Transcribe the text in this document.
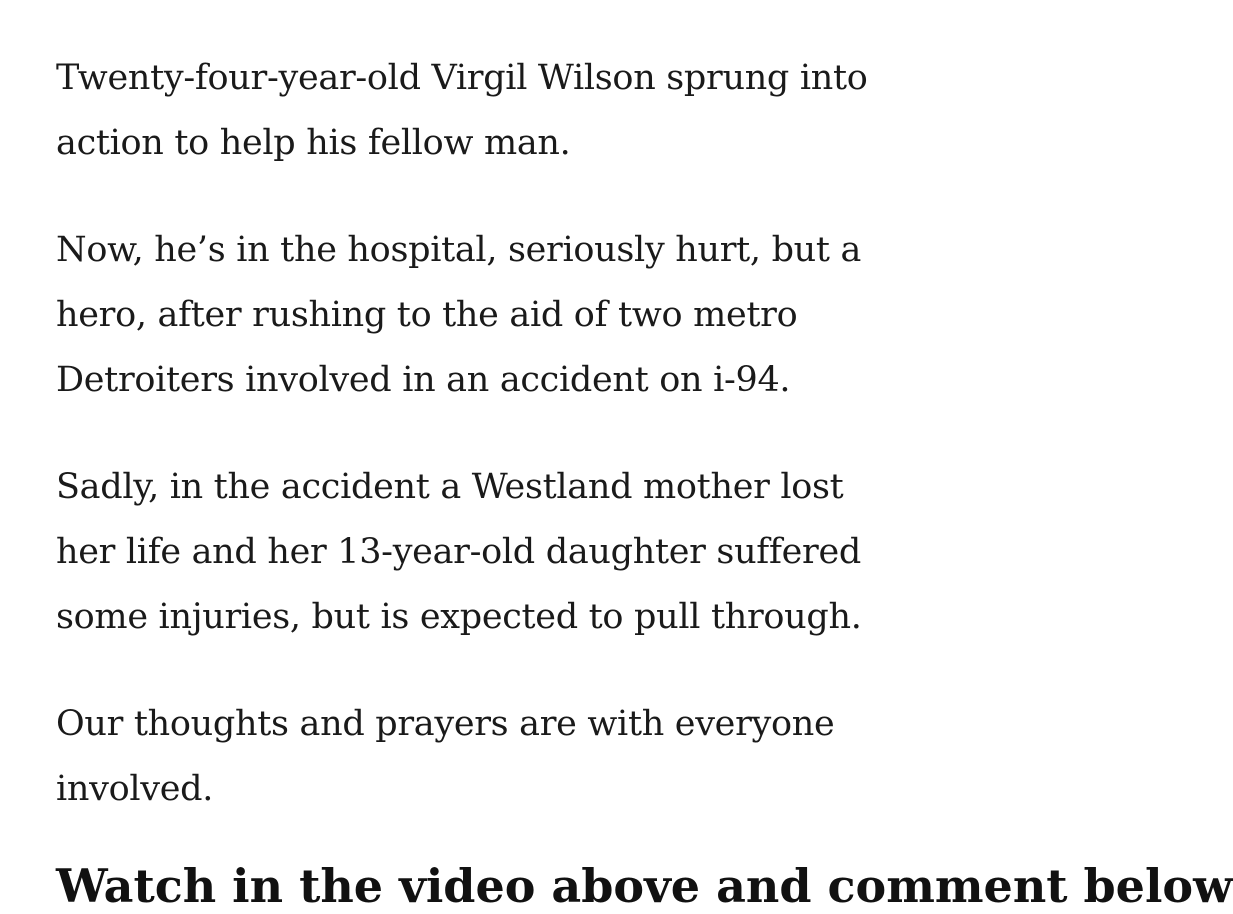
Twenty-four-year-old Virgil Wilson sprung into
action to help his fellow man.

Now, he’s in the hospital, seriously hurt, but a
hero, after rushing to the aid of two metro
Detroiters involved in an accident on i-94.

Sadly, in the accident a Westland mother lost
her life and her 13-year-old daughter suffered
some injuries, but is expected to pull through.

Our thoughts and prayers are with everyone
involved.

Watch in the video above and comment below
